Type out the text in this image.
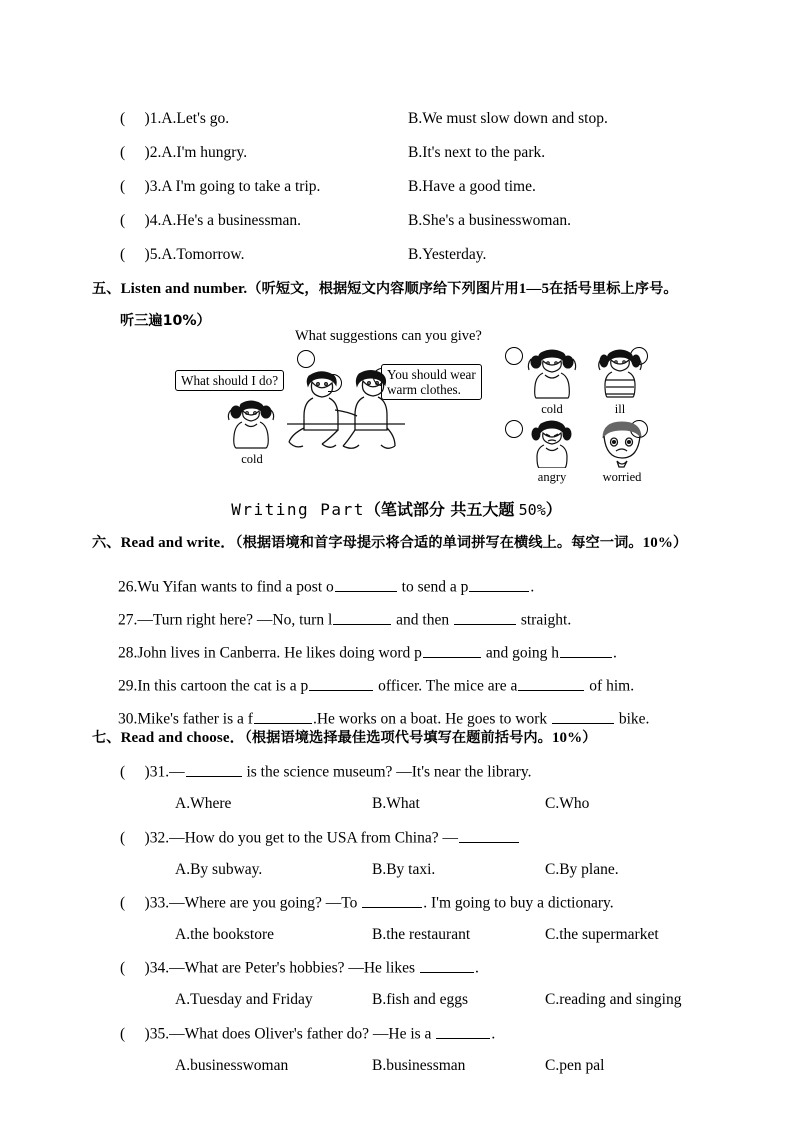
( )1.A.Let's go.	B.We must slow down and stop.
( )2.A.I'm hungry.	B.It's next to the park.
( )3.A I'm going to take a trip.	B.Have a good time.
( )4.A.He's a businessman.	B.She's a businesswoman.
( )5.A.Tomorrow.	B.Yesterday.
五、Listen and number.（听短文，根据短文内容顺序给下列图片用1—5在括号里标上序号。
听三遍10%）
What suggestions can you give?
What should I do?	You should wear
warm clothes.
cold
cold	ill
angry	worried
Writing Part（笔试部分 共五大题 50%）
六、Read and write．（根据语境和首字母提示将合适的单词拼写在横线上。每空一词。10%）
26.Wu Yifan wants to find a post o	to send a p	.
27.—Turn right here? —No, turn l	and then	straight.
28.John lives in Canberra. He likes doing word p	and going h	.
29.In this cartoon the cat is a p	officer. The mice are a	of him.
30.Mike's father is a f	.He works on a boat. He goes to work	bike.
七、Read and choose．（根据语境选择最佳选项代号填写在题前括号内。10%）
( )31.—	is the science museum? —It's near the library.
A.Where	B.What	C.Who
( )32.—How do you get to the USA from China? —
A.By subway.	B.By taxi.	C.By plane.
( )33.—Where are you going? —To	. I'm going to buy a dictionary.
A.the bookstore	B.the restaurant	C.the supermarket
( )34.—What are Peter's hobbies? —He likes	.
A.Tuesday and Friday	B.fish and eggs	C.reading and singing
( )35.—What does Oliver's father do? —He is a	.
A.businesswoman	B.businessman	C.pen pal
